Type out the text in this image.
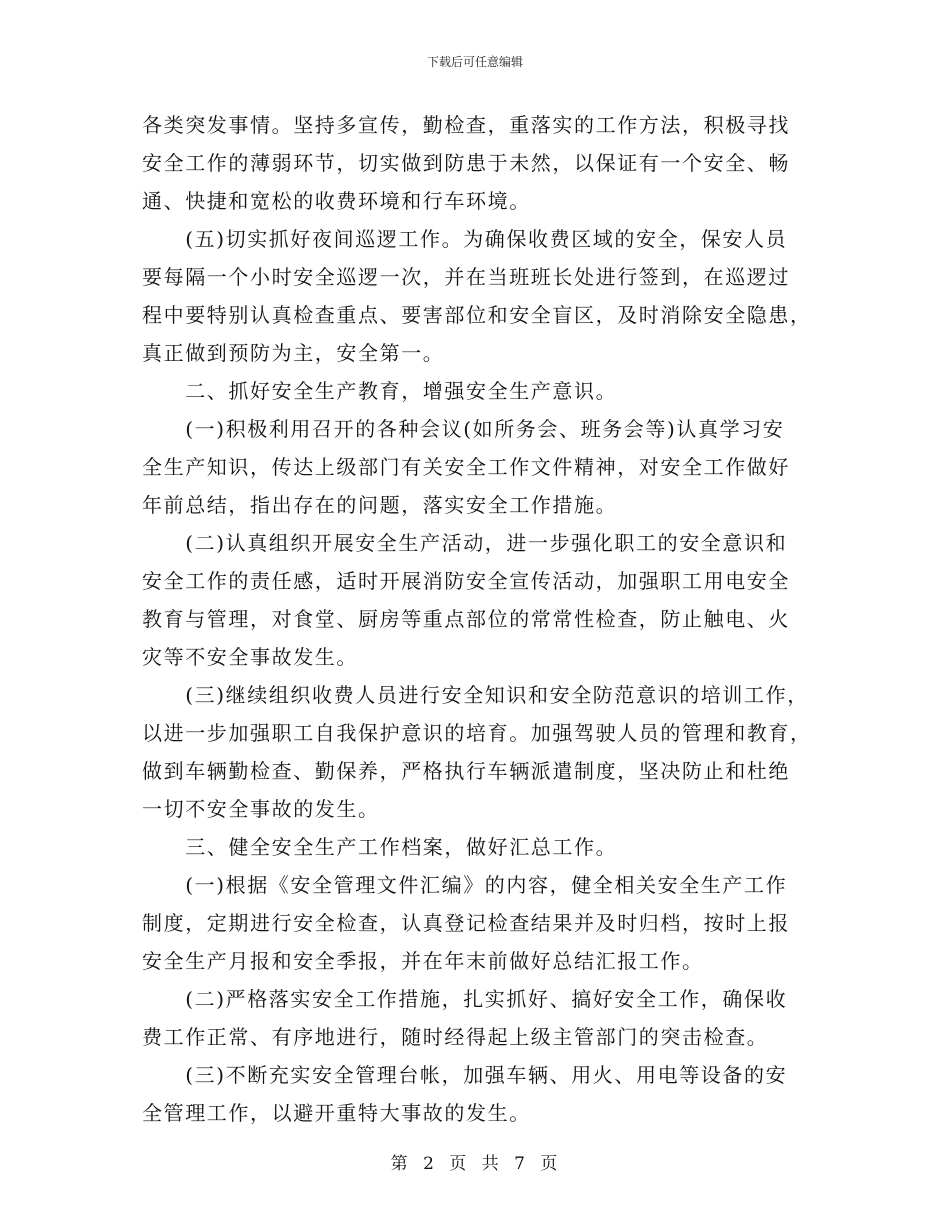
下载后可任意编辑
各类突发事情。坚持多宣传，勤检查，重落实的工作方法，积极寻找
安全工作的薄弱环节，切实做到防患于未然，以保证有一个安全、畅
通、快捷和宽松的收费环境和行车环境。
　　(五)切实抓好夜间巡逻工作。为确保收费区域的安全，保安人员
要每隔一个小时安全巡逻一次，并在当班班长处进行签到，在巡逻过
程中要特别认真检查重点、要害部位和安全盲区，及时消除安全隐患，
真正做到预防为主，安全第一。
　　二、抓好安全生产教育，增强安全生产意识。
　　(一)积极利用召开的各种会议(如所务会、班务会等)认真学习安
全生产知识，传达上级部门有关安全工作文件精神，对安全工作做好
年前总结，指出存在的问题，落实安全工作措施。
　　(二)认真组织开展安全生产活动，进一步强化职工的安全意识和
安全工作的责任感，适时开展消防安全宣传活动，加强职工用电安全
教育与管理，对食堂、厨房等重点部位的常常性检查，防止触电、火
灾等不安全事故发生。
　　(三)继续组织收费人员进行安全知识和安全防范意识的培训工作，
以进一步加强职工自我保护意识的培育。加强驾驶人员的管理和教育，
做到车辆勤检查、勤保养，严格执行车辆派遣制度，坚决防止和杜绝
一切不安全事故的发生。
　　三、健全安全生产工作档案，做好汇总工作。
　　(一)根据《安全管理文件汇编》的内容，健全相关安全生产工作
制度，定期进行安全检查，认真登记检查结果并及时归档，按时上报
安全生产月报和安全季报，并在年末前做好总结汇报工作。
　　(二)严格落实安全工作措施，扎实抓好、搞好安全工作，确保收
费工作正常、有序地进行，随时经得起上级主管部门的突击检查。
　　(三)不断充实安全管理台帐，加强车辆、用火、用电等设备的安
全管理工作，以避开重特大事故的发生。
第 2 页 共 7 页
